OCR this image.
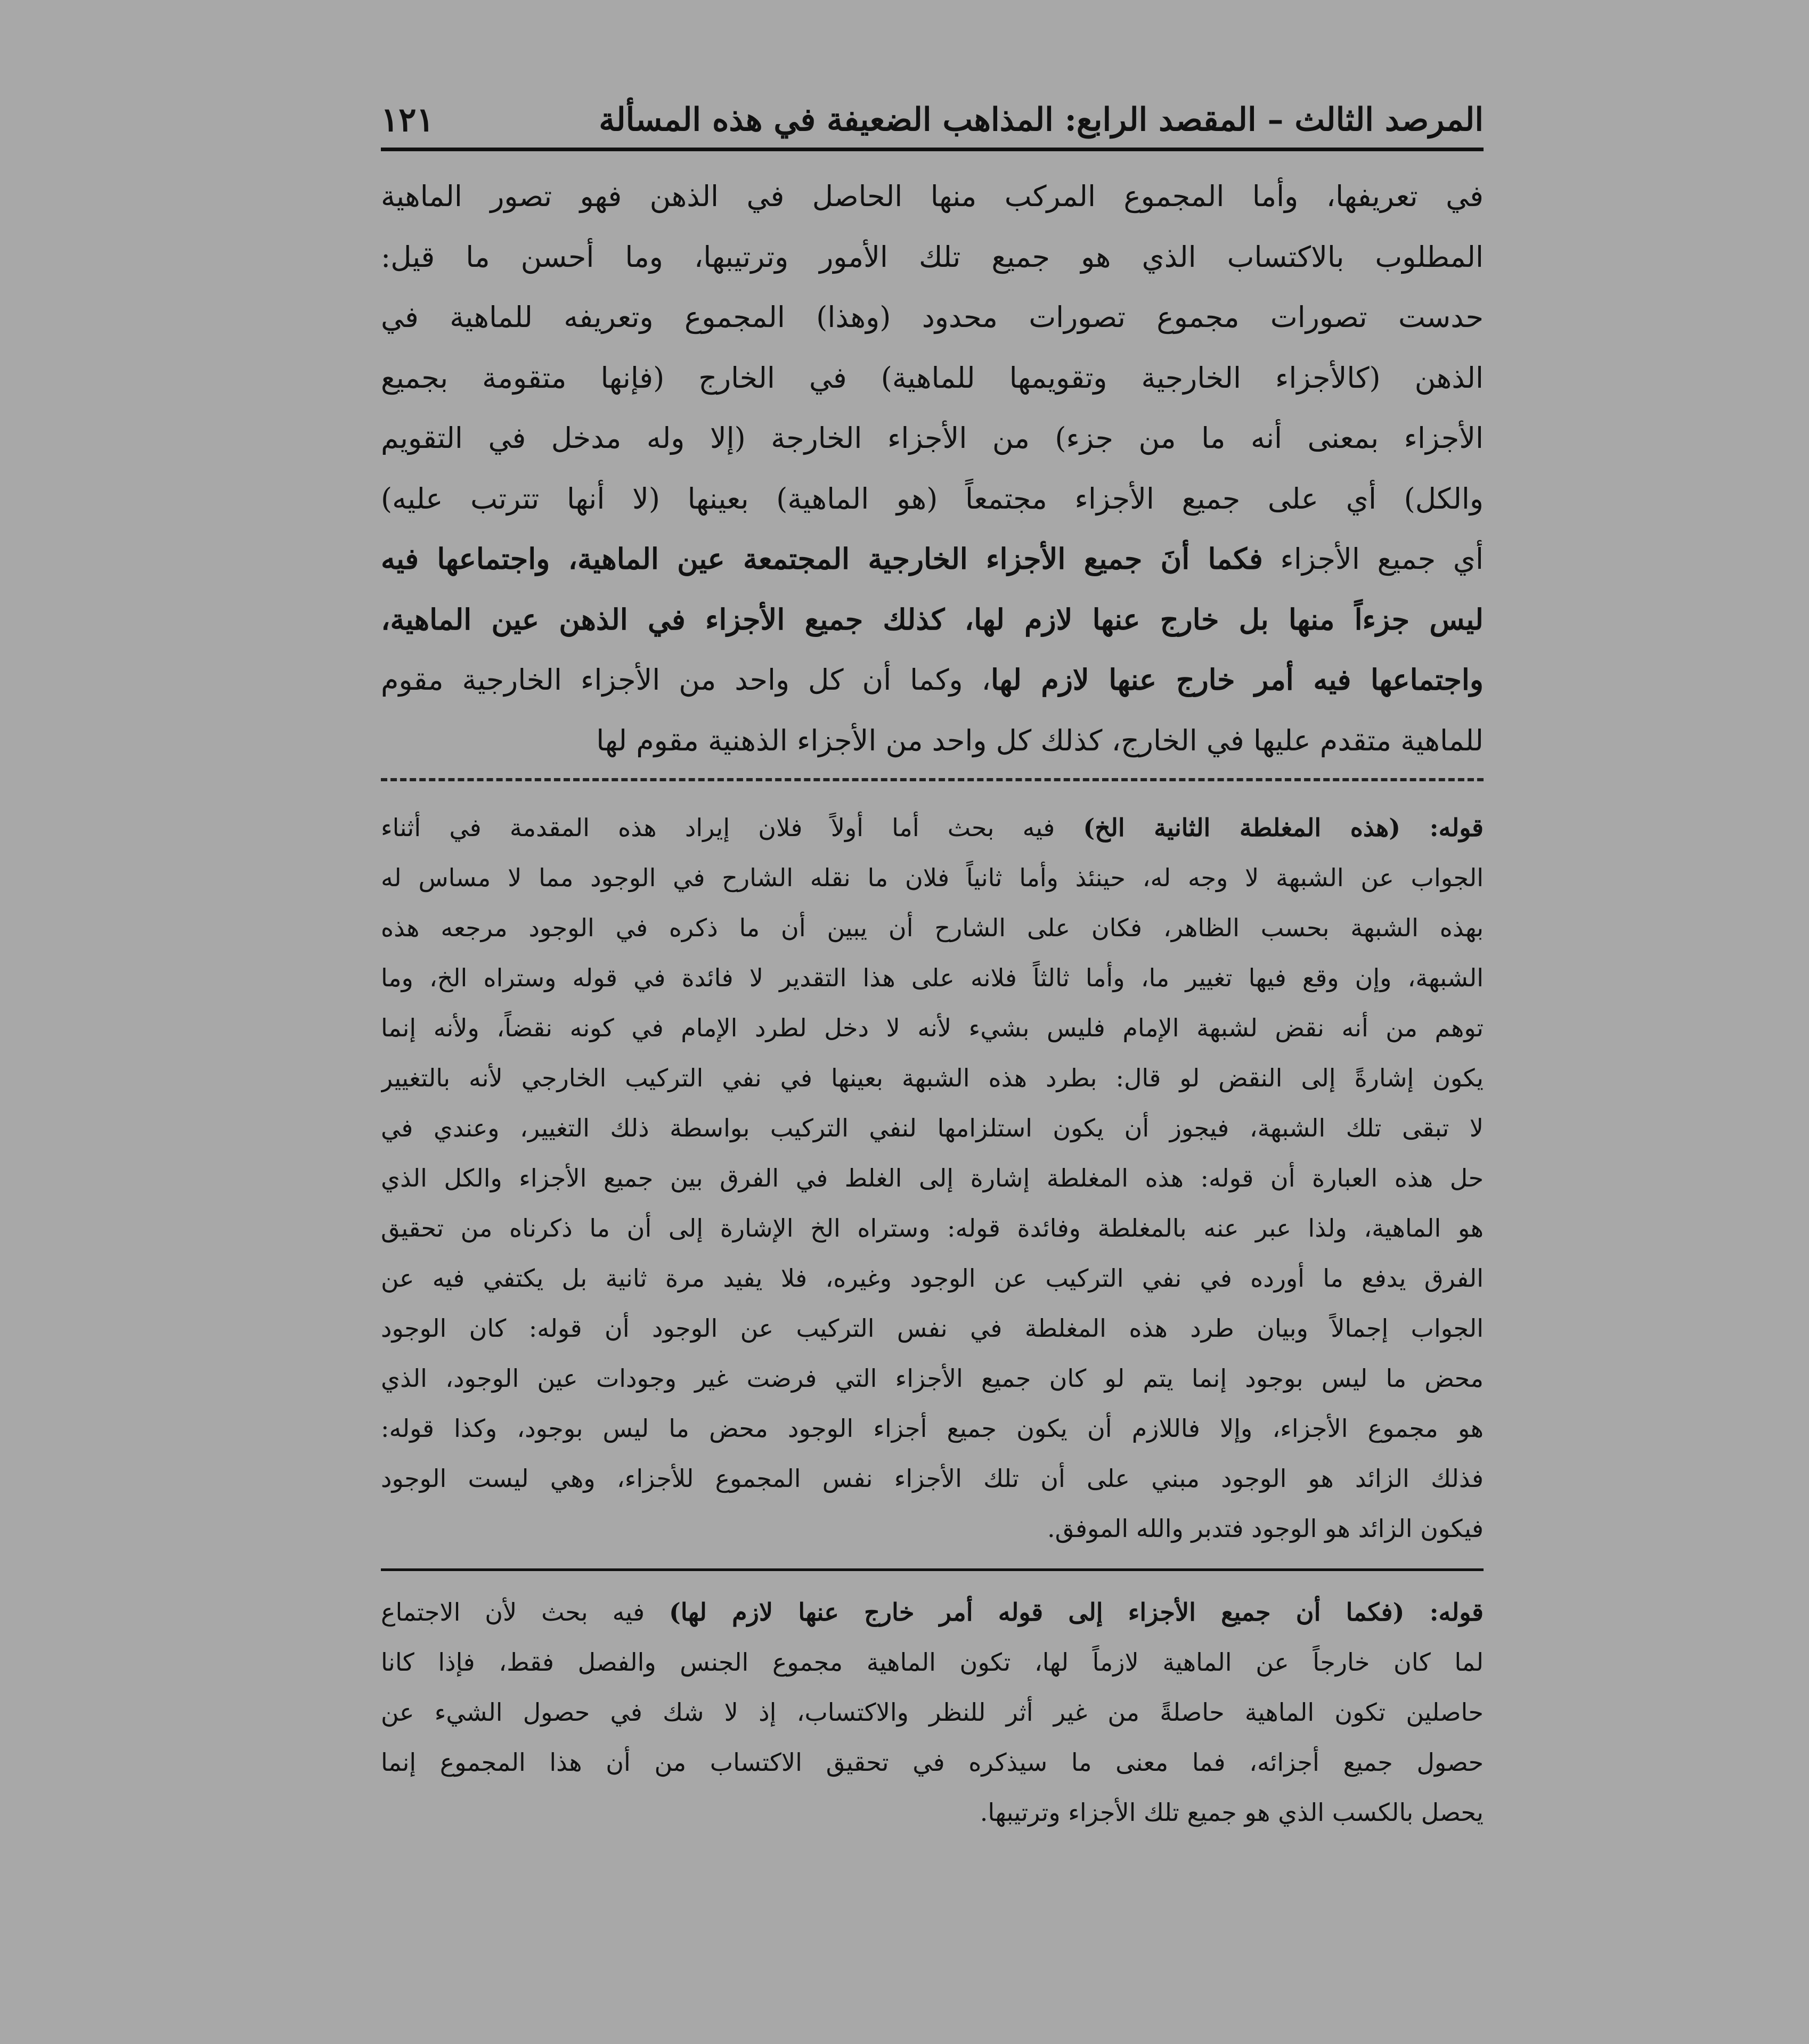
المرصد الثالث – المقصد الرابع: المذاهب الضعيفة في هذه المسألة
١٢١

في تعريفها، وأما المجموع المركب منها الحاصل في الذهن فهو تصور الماهية

المطلوب بالاكتساب الذي هو جميع تلك الأمور وترتيبها، وما أحسن ما قيل:

حدست تصورات مجموع تصورات محدود (وهذا) المجموع وتعريفه للماهية في

الذهن (كالأجزاء الخارجية وتقويمها للماهية) في الخارج (فإنها متقومة بجميع

الأجزاء بمعنى أنه ما من جزء) من الأجزاء الخارجة (إلا وله مدخل في التقويم

والكل) أي على جميع الأجزاء مجتمعاً (هو الماهية) بعينها (لا أنها تترتب عليه)

أي جميع الأجزاء فكما أنَ جميع الأجزاء الخارجية المجتمعة عين الماهية، واجتماعها فيه

ليس جزءاً منها بل خارج عنها لازم لها، كذلك جميع الأجزاء في الذهن عين الماهية،

واجتماعها فيه أمر خارج عنها لازم لها، وكما أن كل واحد من الأجزاء الخارجية مقوم

للماهية متقدم عليها في الخارج، كذلك كل واحد من الأجزاء الذهنية مقوم لها

قوله: (هذه المغلطة الثانية الخ) فيه بحث أما أولاً فلان إيراد هذه المقدمة في أثناء

الجواب عن الشبهة لا وجه له، حينئذ وأما ثانياً فلان ما نقله الشارح في الوجود مما لا مساس له

بهذه الشبهة بحسب الظاهر، فكان على الشارح أن يبين أن ما ذكره في الوجود مرجعه هذه

الشبهة، وإن وقع فيها تغيير ما، وأما ثالثاً فلانه على هذا التقدير لا فائدة في قوله وستراه الخ، وما

توهم من أنه نقض لشبهة الإمام فليس بشيء لأنه لا دخل لطرد الإمام في كونه نقضاً، ولأنه إنما

يكون إشارةً إلى النقض لو قال: بطرد هذه الشبهة بعينها في نفي التركيب الخارجي لأنه بالتغيير

لا تبقى تلك الشبهة، فيجوز أن يكون استلزامها لنفي التركيب بواسطة ذلك التغيير، وعندي في

حل هذه العبارة أن قوله: هذه المغلطة إشارة إلى الغلط في الفرق بين جميع الأجزاء والكل الذي

هو الماهية، ولذا عبر عنه بالمغلطة وفائدة قوله: وستراه الخ الإشارة إلى أن ما ذكرناه من تحقيق

الفرق يدفع ما أورده في نفي التركيب عن الوجود وغيره، فلا يفيد مرة ثانية بل يكتفي فيه عن

الجواب إجمالاً وبيان طرد هذه المغلطة في نفس التركيب عن الوجود أن قوله: كان الوجود

محض ما ليس بوجود إنما يتم لو كان جميع الأجزاء التي فرضت غير وجودات عين الوجود، الذي

هو مجموع الأجزاء، وإلا فاللازم أن يكون جميع أجزاء الوجود محض ما ليس بوجود، وكذا قوله:

فذلك الزائد هو الوجود مبني على أن تلك الأجزاء نفس المجموع للأجزاء، وهي ليست الوجود

فيكون الزائد هو الوجود فتدبر والله الموفق.

قوله: (فكما أن جميع الأجزاء إلى قوله أمر خارج عنها لازم لها) فيه بحث لأن الاجتماع

لما كان خارجاً عن الماهية لازماً لها، تكون الماهية مجموع الجنس والفصل فقط، فإذا كانا

حاصلين تكون الماهية حاصلةً من غير أثر للنظر والاكتساب، إذ لا شك في حصول الشيء عن

حصول جميع أجزائه، فما معنى ما سيذكره في تحقيق الاكتساب من أن هذا المجموع إنما

يحصل بالكسب الذي هو جميع تلك الأجزاء وترتيبها.
